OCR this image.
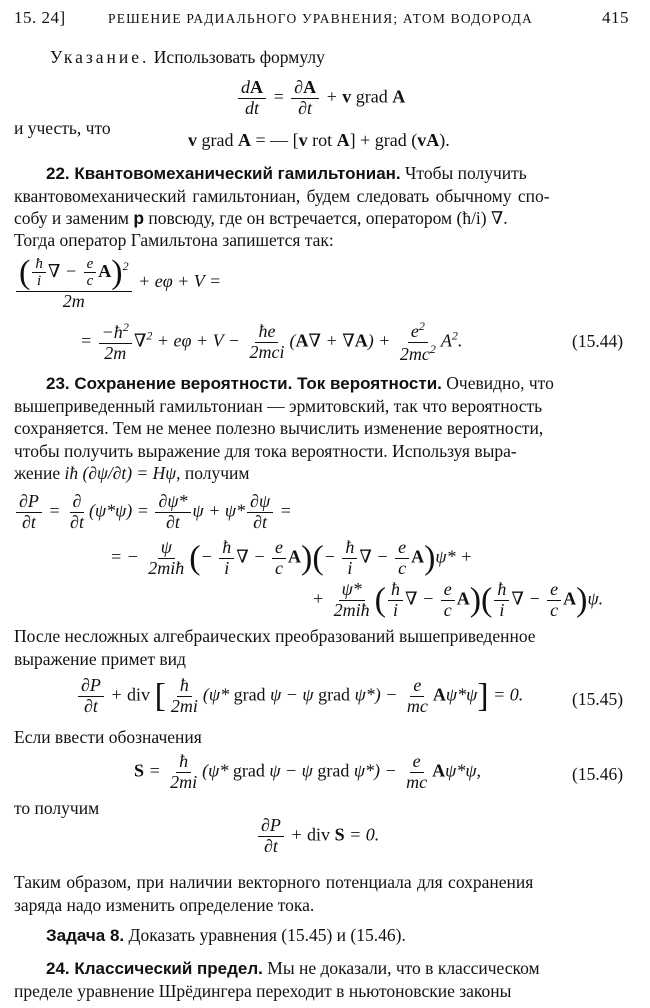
15. 24]	РЕШЕНИЕ РАДИАЛЬНОГО УРАВНЕНИЯ; АТОМ ВОДОРОДА	415
Указание. Использовать формулу
$\frac{dA}{dt} = \frac{\partial A}{\partial t} + v$ grad A
и учесть, что
v grad A = — [v rot A] + grad (vA).
22. Квантовомеханический гамильтониан. Чтобы получить
квантовомеханический гамильтониан, будем следовать обычному спо-
собу и заменим p повсюду, где он встречается, оператором (ħ/i) ∇.
Тогда оператор Гамильтона запишется так:
$\frac{( \frac{ħ}{i} \nabla - \frac{e}{c} A)^2}{2m} + e\varphi + V$ =
= $\frac{-ħ^2}{2m} \nabla^2 + e\varphi + V - \frac{ħe}{\text{2mci}} (A\nabla + \nabla A) + \frac{e^2}{2mc^2} A^2$.	(15.44)
23. Сохранение вероятности. Ток вероятности. Очевидно, что
вышеприведенный гамильтониан — эрмитовский, так что вероятность
сохраняется. Тем не менее полезно вычислить изменение вероятности,
чтобы получить выражение для тока вероятности. Используя выра-
жение iħ (∂ψ/∂t) = Hψ, получим
$\frac{\partial P}{\partial t} = \frac{\partial}{\partial t} (\psi*\psi) = \frac{\partial\psi*}{\partial t}$ $\psi + \psi* \frac{\partial\psi}{\partial t}$ =
= − $\frac{\psi}{\text{2miħ}}$ (− $\frac{ħ}{i}$ ∇ − $\frac{e}{c} A)(- \frac{ħ}{i}$ ∇ − $\frac{e}{c} A)\psi*$ +
+ $\frac{\psi*}{\text{2miħ}}$ ( $\frac{ħ}{i}$ ∇ − $\frac{e}{c} A)( \frac{ħ}{i}$ ∇ − $\frac{e}{c} A)\psi$.
После несложных алгебраических преобразований вышеприведенное
выражение примет вид
$\frac{\partial P}{\partial t}$ + div [ $\frac{ħ}{2mi} (\psi*$ grad ψ − ψ grad $\psi*) - \frac{e}{mc} A\psi*\psi] = 0$.	(15.45)
Если ввести обозначения
$S = \frac{ħ}{2mi} (\psi*$ grad ψ − ψ grad $\psi*) - \frac{e}{mc} A\psi*\psi$,	(15.46)
то получим
$\frac{\partial P}{\partial t}$ + div S = 0.
Таким образом, при наличии векторного потенциала для сохранения
заряда надо изменить определение тока.
Задача 8. Доказать уравнения (15.45) и (15.46).
24. Классический предел. Мы не доказали, что в классическом
пределе уравнение Шрёдингера переходит в ньютоновские законы
